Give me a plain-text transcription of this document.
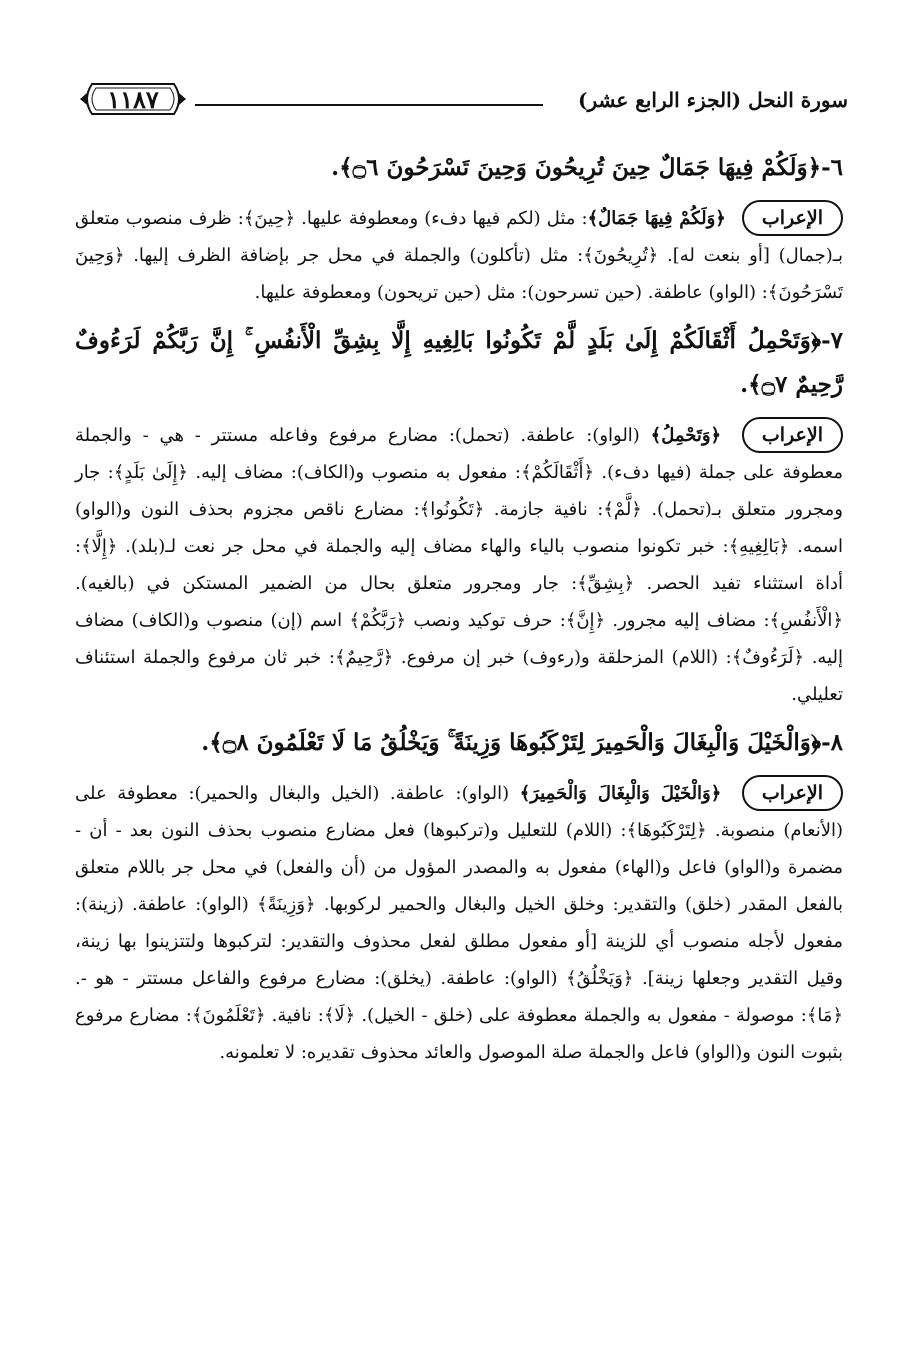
سورة النحل (الجزء الرابع عشر)
١١٨٧
٦-﴿وَلَكُمْ فِيهَا جَمَالٌ حِينَ تُرِيحُونَ وَحِينَ تَسْرَحُونَ ۝٦﴾.

الإعراب ﴿وَلَكُمْ فِيهَا جَمَالٌ﴾: مثل (لكم فيها دفء) ومعطوفة عليها. ﴿حِينَ﴾: ظرف منصوب متعلق بـ(جمال) [أو بنعت له]. ﴿تُرِيحُونَ﴾: مثل (تأكلون) والجملة في محل جر بإضافة الظرف إليها. ﴿وَحِينَ تَسْرَحُونَ﴾: (الواو) عاطفة. (حين تسرحون): مثل (حين تريحون) ومعطوفة عليها.

٧-﴿وَتَحْمِلُ أَثْقَالَكُمْ إِلَىٰ بَلَدٍ لَّمْ تَكُونُوا بَالِغِيهِ إِلَّا بِشِقِّ الْأَنفُسِ ۚ إِنَّ رَبَّكُمْ لَرَءُوفٌ رَّحِيمٌ ۝٧﴾.

الإعراب ﴿وَتَحْمِلُ﴾ (الواو): عاطفة. (تحمل): مضارع مرفوع وفاعله مستتر - هي - والجملة معطوفة على جملة (فيها دفء). ﴿أَثْقَالَكُمْ﴾: مفعول به منصوب و(الكاف): مضاف إليه. ﴿إِلَىٰ بَلَدٍ﴾: جار ومجرور متعلق بـ(تحمل). ﴿لَّمْ﴾: نافية جازمة. ﴿تَكُونُوا﴾: مضارع ناقص مجزوم بحذف النون و(الواو) اسمه. ﴿بَالِغِيهِ﴾: خبر تكونوا منصوب بالياء والهاء مضاف إليه والجملة في محل جر نعت لـ(بلد). ﴿إِلَّا﴾: أداة استثناء تفيد الحصر. ﴿بِشِقِّ﴾: جار ومجرور متعلق بحال من الضمير المستكن في (بالغيه). ﴿الْأَنفُسِ﴾: مضاف إليه مجرور. ﴿إِنَّ﴾: حرف توكيد ونصب ﴿رَبَّكُمْ﴾ اسم (إن) منصوب و(الكاف) مضاف إليه. ﴿لَرَءُوفٌ﴾: (اللام) المزحلقة و(رءوف) خبر إن مرفوع. ﴿رَّحِيمٌ﴾: خبر ثان مرفوع والجملة استئناف تعليلي.

٨-﴿وَالْخَيْلَ وَالْبِغَالَ وَالْحَمِيرَ لِتَرْكَبُوهَا وَزِينَةً ۚ وَيَخْلُقُ مَا لَا تَعْلَمُونَ ۝٨﴾.

الإعراب ﴿وَالْخَيْلَ وَالْبِغَالَ وَالْحَمِيرَ﴾ (الواو): عاطفة. (الخيل والبغال والحمير): معطوفة على (الأنعام) منصوبة. ﴿لِتَرْكَبُوهَا﴾: (اللام) للتعليل و(تركبوها) فعل مضارع منصوب بحذف النون بعد - أن - مضمرة و(الواو) فاعل و(الهاء) مفعول به والمصدر المؤول من (أن والفعل) في محل جر باللام متعلق بالفعل المقدر (خلق) والتقدير: وخلق الخيل والبغال والحمير لركوبها. ﴿وَزِينَةً﴾ (الواو): عاطفة. (زينة): مفعول لأجله منصوب أي للزينة [أو مفعول مطلق لفعل محذوف والتقدير: لتركبوها ولتتزينوا بها زينة، وقيل التقدير وجعلها زينة]. ﴿وَيَخْلُقُ﴾ (الواو): عاطفة. (يخلق): مضارع مرفوع والفاعل مستتر - هو -. ﴿مَا﴾: موصولة - مفعول به والجملة معطوفة على (خلق - الخيل). ﴿لَا﴾: نافية. ﴿تَعْلَمُونَ﴾: مضارع مرفوع بثبوت النون و(الواو) فاعل والجملة صلة الموصول والعائد محذوف تقديره: لا تعلمونه.
